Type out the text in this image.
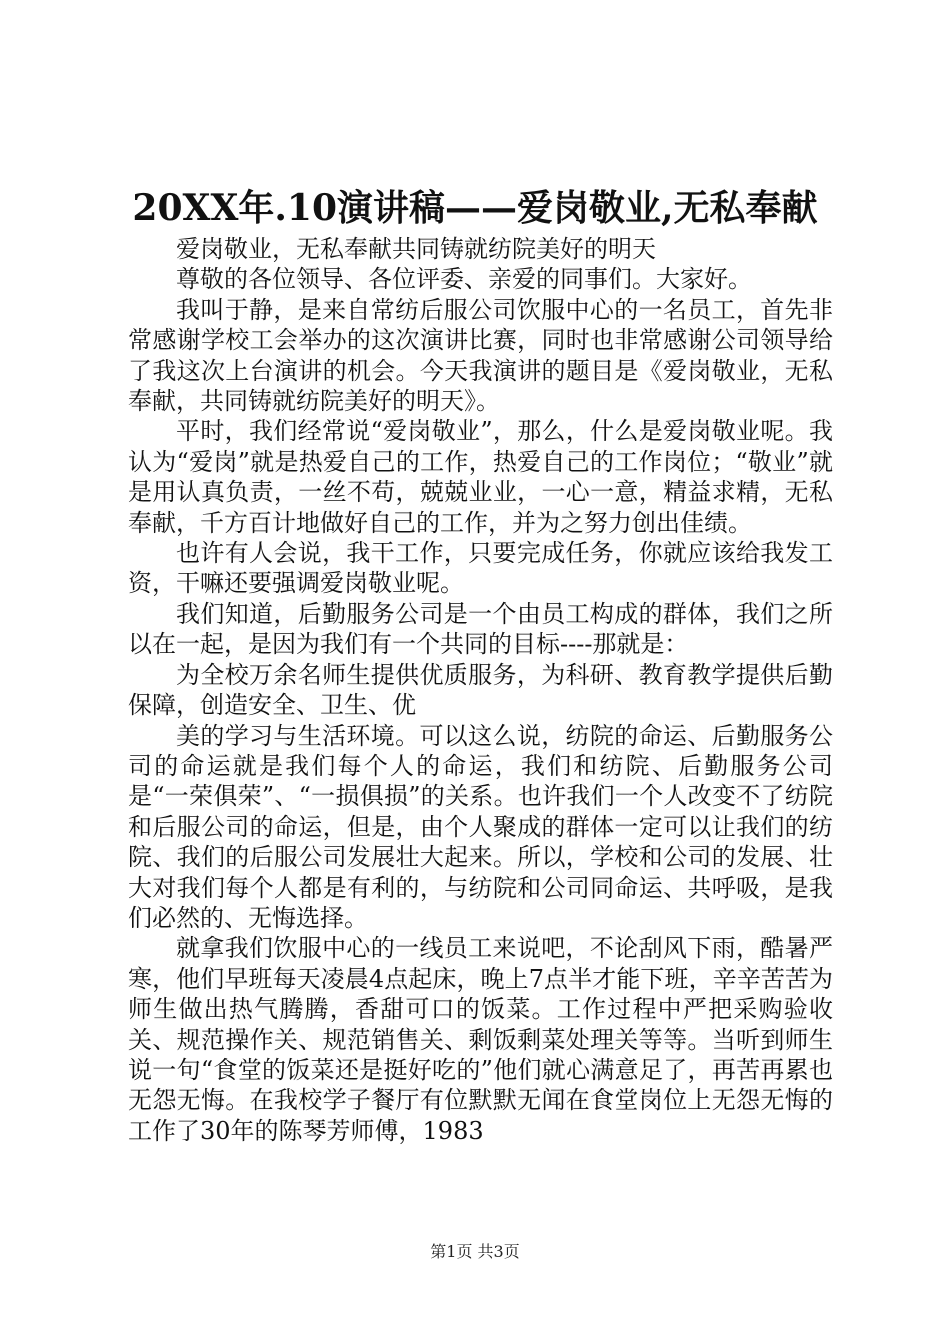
20XX年.10演讲稿——爱岗敬业,无私奉献

爱岗敬业，无私奉献共同铸就纺院美好的明天

尊敬的各位领导、各位评委、亲爱的同事们。大家好。

我叫于静，是来自常纺后服公司饮服中心的一名员工，首先非常感谢学校工会举办的这次演讲比赛，同时也非常感谢公司领导给了我这次上台演讲的机会。今天我演讲的题目是《爱岗敬业，无私奉献，共同铸就纺院美好的明天》。

平时，我们经常说“爱岗敬业”，那么，什么是爱岗敬业呢。我认为“爱岗”就是热爱自己的工作，热爱自己的工作岗位；“敬业”就是用认真负责，一丝不苟，兢兢业业，一心一意，精益求精，无私奉献，千方百计地做好自己的工作，并为之努力创出佳绩。

也许有人会说，我干工作，只要完成任务，你就应该给我发工资，干嘛还要强调爱岗敬业呢。

我们知道，后勤服务公司是一个由员工构成的群体，我们之所以在一起，是因为我们有一个共同的目标----那就是：

为全校万余名师生提供优质服务，为科研、教育教学提供后勤保障，创造安全、卫生、优

美的学习与生活环境。可以这么说，纺院的命运、后勤服务公司的命运就是我们每个人的命运，我们和纺院、后勤服务公司是“一荣俱荣”、“一损俱损”的关系。也许我们一个人改变不了纺院和后服公司的命运，但是，由个人聚成的群体一定可以让我们的纺院、我们的后服公司发展壮大起来。所以，学校和公司的发展、壮大对我们每个人都是有利的，与纺院和公司同命运、共呼吸，是我们必然的、无悔选择。

就拿我们饮服中心的一线员工来说吧，不论刮风下雨，酷暑严寒，他们早班每天凌晨4点起床，晚上7点半才能下班，辛辛苦苦为师生做出热气腾腾，香甜可口的饭菜。工作过程中严把采购验收关、规范操作关、规范销售关、剩饭剩菜处理关等等。当听到师生说一句“食堂的饭菜还是挺好吃的”他们就心满意足了，再苦再累也无怨无悔。在我校学子餐厅有位默默无闻在食堂岗位上无怨无悔的工作了30年的陈琴芳师傅，1983

第1页 共3页
